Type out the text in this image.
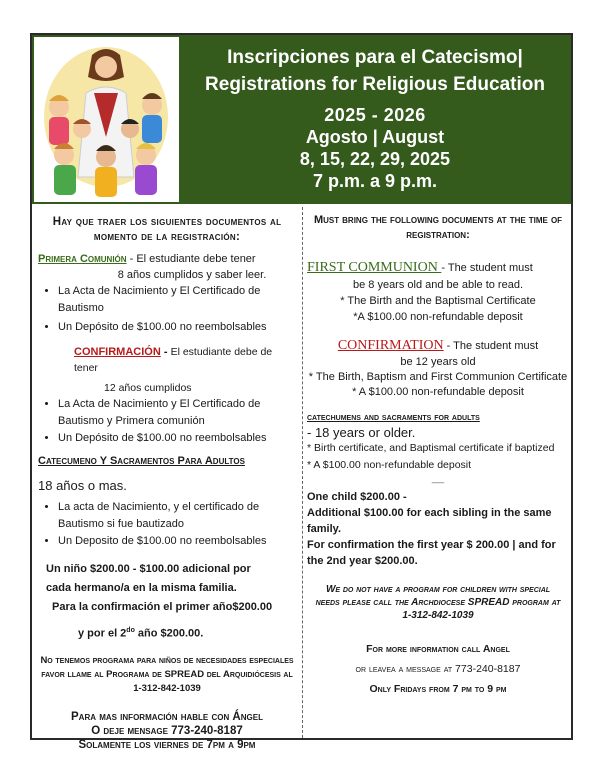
Inscripciones para el Catecismo|
Registrations for Religious Education
2025 - 2026
Agosto | August
8, 15, 22, 29, 2025
7 p.m. a 9 p.m.

Hay que traer los siguientes documentos al momento de la registración:

Primera Comunión - El estudiante debe tener

8 años cumplidos y saber leer.

• La Acta de Nacimiento y El Certificado de Bautismo
• Un Depósito de $100.00 no reembolsables

CONFIRMACIÓN - El estudiante debe de tener

12 años cumplidos

• La Acta de Nacimiento y El Certificado de Bautismo y Primera comunión
• Un Depósito de $100.00 no reembolsables

Catecumeno Y Sacramentos Para Adultos

18 años o mas.

• La acta de Nacimiento, y el certificado de Bautismo si fue bautizado
• Un Deposito de $100.00 no reembolsables

Un niño $200.00 - $100.00 adicional por

cada hermano/a en la misma familia.

Para la confirmación el primer año$200.00

y por el $2^{do}$ año $200.00.

No tenemos programa para niños de necesidades especiales favor llame al Programa de SPREAD del Arquidiócesis al 1-312-842-1039

Para mas información hable con Ángel

O deje mensage 773-240-8187

Solamente los viernes de 7pm a 9pm

Must bring the following documents at the time of registration:

FIRST COMMUNION - The student must

be 8 years old and be able to read.

* The Birth and the Baptismal Certificate

*A $100.00 non-refundable deposit

CONFIRMATION - The student must

be 12 years old

* The Birth, Baptism and First Communion Certificate

* A $100.00 non-refundable deposit

catechumens and sacraments for adults

- 18 years or older.

* Birth certificate, and Baptismal certificate if baptized

* A $100.00 non-refundable deposit

__

One child $200.00 -

Additional $100.00 for each sibling in the same family.

For confirmation the first year $ 200.00 | and for the 2nd year $200.00.

We do not have a program for children with special needs please call the Archdiocese SPREAD program at 1-312-842-1039

For more information call Angel

or leavea a message at 773-240-8187

Only Fridays from 7 pm to 9 pm
